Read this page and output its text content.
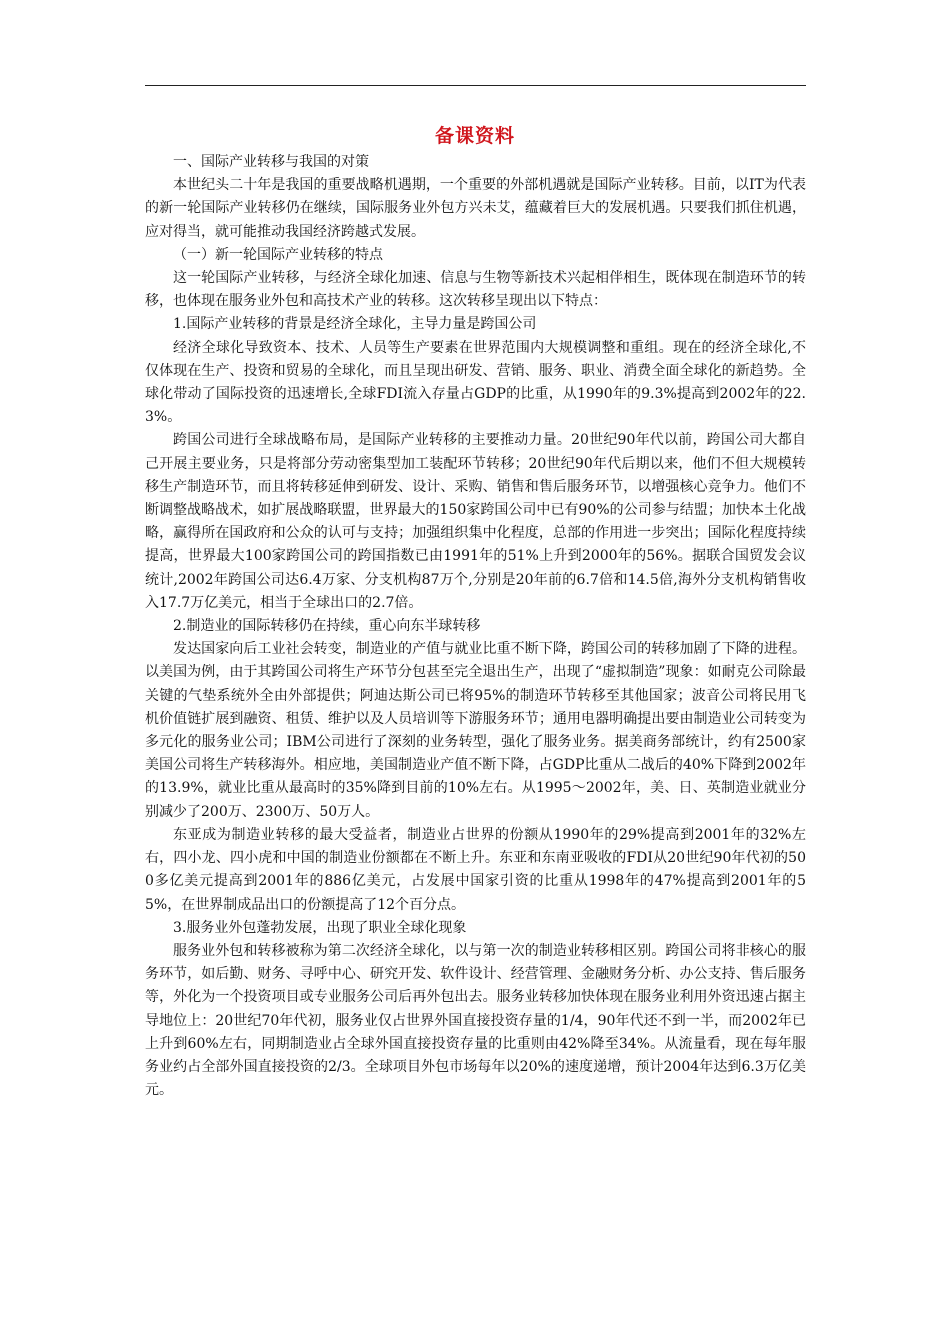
备课资料

一、国际产业转移与我国的对策

本世纪头二十年是我国的重要战略机遇期，一个重要的外部机遇就是国际产业转移。目前，以IT为代表的新一轮国际产业转移仍在继续，国际服务业外包方兴未艾，蕴藏着巨大的发展机遇。只要我们抓住机遇，应对得当，就可能推动我国经济跨越式发展。

（一）新一轮国际产业转移的特点

这一轮国际产业转移，与经济全球化加速、信息与生物等新技术兴起相伴相生，既体现在制造环节的转移，也体现在服务业外包和高技术产业的转移。这次转移呈现出以下特点：

1.国际产业转移的背景是经济全球化，主导力量是跨国公司

经济全球化导致资本、技术、人员等生产要素在世界范围内大规模调整和重组。现在的经济全球化,不仅体现在生产、投资和贸易的全球化，而且呈现出研发、营销、服务、职业、消费全面全球化的新趋势。全球化带动了国际投资的迅速增长,全球FDI流入存量占GDP的比重，从1990年的9.3%提高到2002年的22.3%。

跨国公司进行全球战略布局，是国际产业转移的主要推动力量。20世纪90年代以前，跨国公司大都自己开展主要业务，只是将部分劳动密集型加工装配环节转移；20世纪90年代后期以来，他们不但大规模转移生产制造环节，而且将转移延伸到研发、设计、采购、销售和售后服务环节，以增强核心竞争力。他们不断调整战略战术，如扩展战略联盟，世界最大的150家跨国公司中已有90%的公司参与结盟；加快本土化战略，赢得所在国政府和公众的认可与支持；加强组织集中化程度，总部的作用进一步突出；国际化程度持续提高，世界最大100家跨国公司的跨国指数已由1991年的51%上升到2000年的56%。据联合国贸发会议统计,2002年跨国公司达6.4万家、分支机构87万个,分别是20年前的6.7倍和14.5倍,海外分支机构销售收入17.7万亿美元，相当于全球出口的2.7倍。

2.制造业的国际转移仍在持续，重心向东半球转移

发达国家向后工业社会转变，制造业的产值与就业比重不断下降，跨国公司的转移加剧了下降的进程。以美国为例，由于其跨国公司将生产环节分包甚至完全退出生产，出现了“虚拟制造”现象：如耐克公司除最关键的气垫系统外全由外部提供；阿迪达斯公司已将95%的制造环节转移至其他国家；波音公司将民用飞机价值链扩展到融资、租赁、维护以及人员培训等下游服务环节；通用电器明确提出要由制造业公司转变为多元化的服务业公司；IBM公司进行了深刻的业务转型，强化了服务业务。据美商务部统计，约有2500家美国公司将生产转移海外。相应地，美国制造业产值不断下降，占GDP比重从二战后的40%下降到2002年的13.9%，就业比重从最高时的35%降到目前的10%左右。从1995～2002年，美、日、英制造业就业分别减少了200万、2300万、50万人。

东亚成为制造业转移的最大受益者，制造业占世界的份额从1990年的29%提高到2001年的32%左右，四小龙、四小虎和中国的制造业份额都在不断上升。东亚和东南亚吸收的FDI从20世纪90年代初的500多亿美元提高到2001年的886亿美元，占发展中国家引资的比重从1998年的47%提高到2001年的55%，在世界制成品出口的份额提高了12个百分点。

3.服务业外包蓬勃发展，出现了职业全球化现象

服务业外包和转移被称为第二次经济全球化，以与第一次的制造业转移相区别。跨国公司将非核心的服务环节，如后勤、财务、寻呼中心、研究开发、软件设计、经营管理、金融财务分析、办公支持、售后服务等，外化为一个投资项目或专业服务公司后再外包出去。服务业转移加快体现在服务业利用外资迅速占据主导地位上：20世纪70年代初，服务业仅占世界外国直接投资存量的1/4，90年代还不到一半，而2002年已上升到60%左右，同期制造业占全球外国直接投资存量的比重则由42%降至34%。从流量看，现在每年服务业约占全部外国直接投资的2/3。全球项目外包市场每年以20%的速度递增，预计2004年达到6.3万亿美元。
